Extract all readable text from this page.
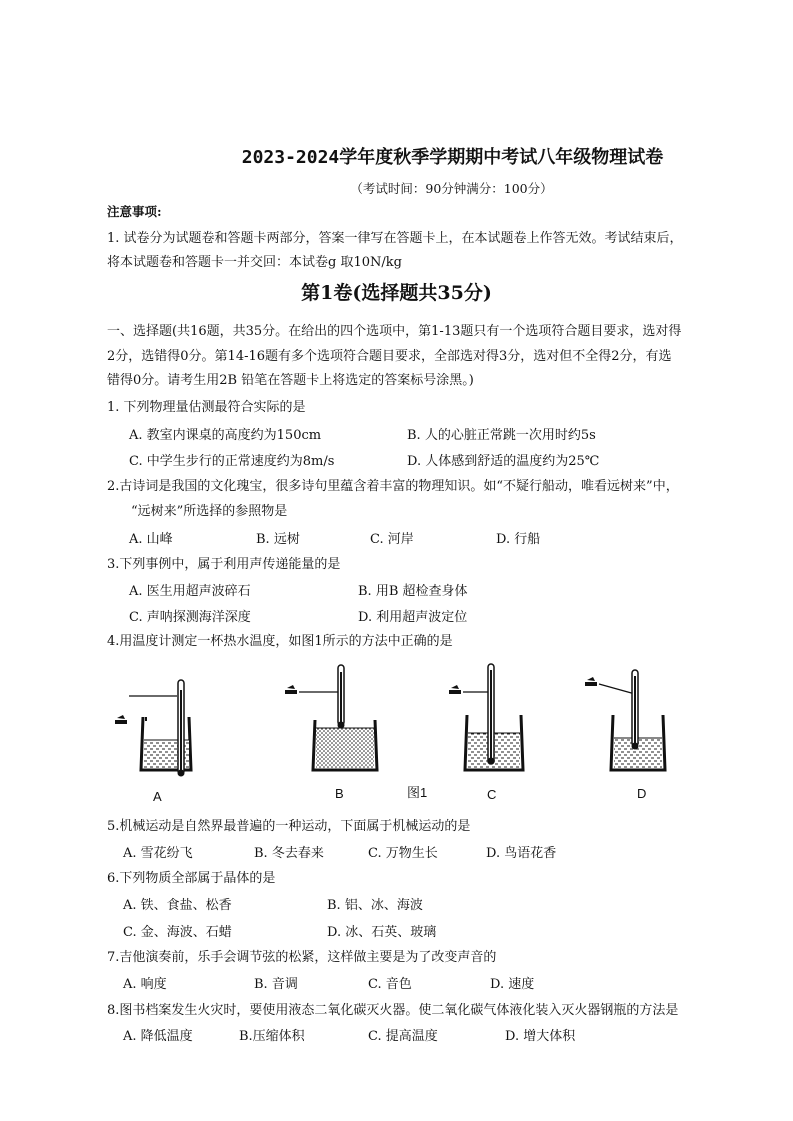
2023-2024学年度秋季学期期中考试八年级物理试卷
（考试时间：90分钟满分：100分）
注意事项:
1. 试卷分为试题卷和答题卡两部分，答案一律写在答题卡上，在本试题卷上作答无效。考试结束后，
将本试题卷和答题卡一并交回：本试卷g 取10N/kg
第1卷(选择题共35分)
一、选择题(共16题，共35分。在给出的四个选项中，第1-13题只有一个选项符合题目要求，选对得
2分，选错得0分。第14-16题有多个选项符合题目要求，全部选对得3分，选对但不全得2分，有选
错得0分。请考生用2B 铅笔在答题卡上将选定的答案标号涂黑。)
1. 下列物理量估测最符合实际的是
A. 教室内课桌的高度约为150cm	B. 人的心脏正常跳一次用时约5s
C. 中学生步行的正常速度约为8m/s	D. 人体感到舒适的温度约为25℃
2.古诗词是我国的文化瑰宝，很多诗句里蕴含着丰富的物理知识。如“不疑行船动，唯看远树来”中，
“远树来”所选择的参照物是
A. 山峰	B. 远树	C. 河岸	D. 行船
3.下列事例中，属于利用声传递能量的是
A. 医生用超声波碎石	B. 用B 超检查身体
C. 声呐探测海洋深度	D. 利用超声波定位
4.用温度计测定一杯热水温度，如图1所示的方法中正确的是
A	B	图1	C	D
5.机械运动是自然界最普遍的一种运动，下面属于机械运动的是
A. 雪花纷飞	B. 冬去春来	C. 万物生长	D. 鸟语花香
6.下列物质全部属于晶体的是
A. 铁、食盐、松香	B. 铝、冰、海波
C. 金、海波、石蜡	D. 冰、石英、玻璃
7.吉他演奏前，乐手会调节弦的松紧，这样做主要是为了改变声音的
A. 响度	B. 音调	C. 音色	D. 速度
8.图书档案发生火灾时，要使用液态二氧化碳灭火器。使二氧化碳气体液化装入灭火器钢瓶的方法是
A. 降低温度	B.压缩体积	C. 提高温度	D. 增大体积
